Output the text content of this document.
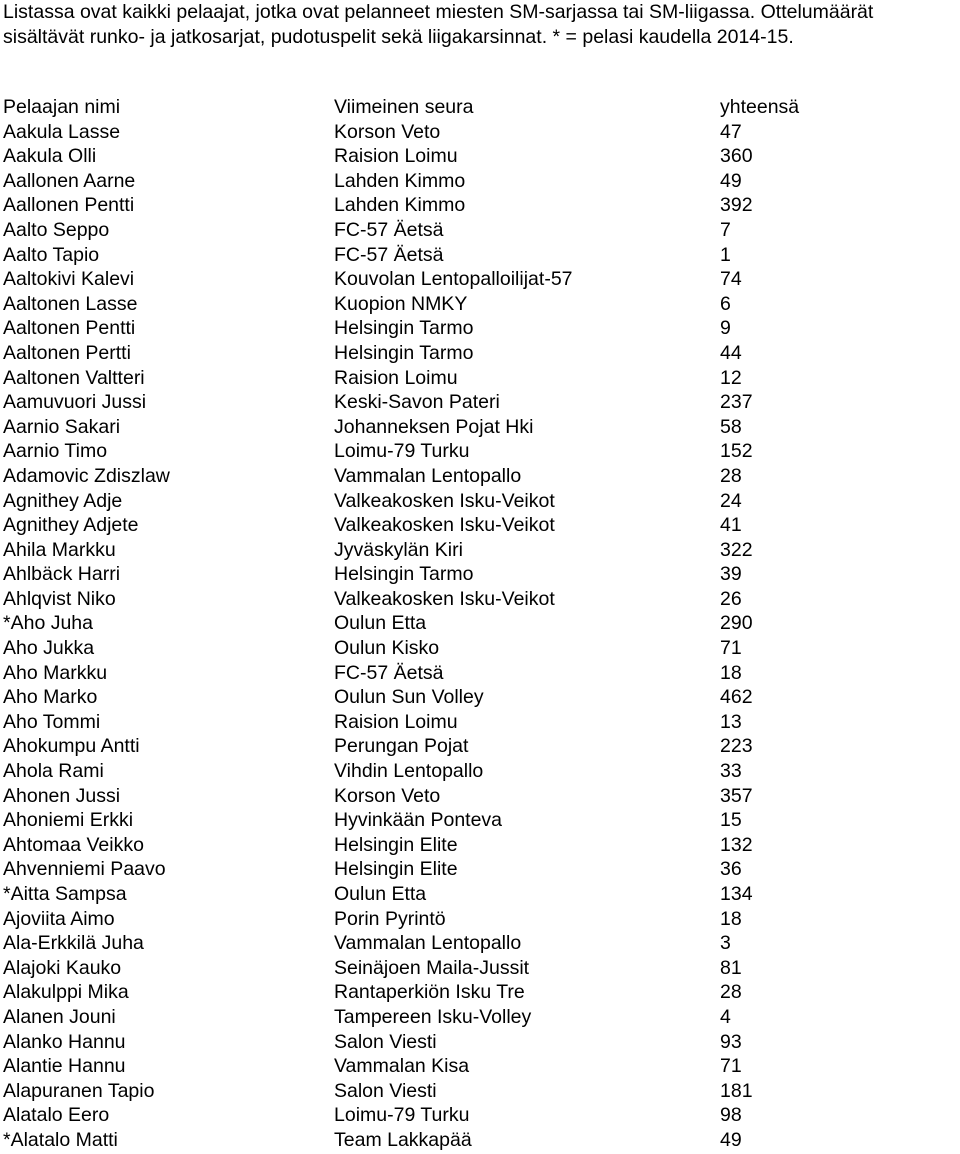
Listassa ovat kaikki pelaajat, jotka ovat pelanneet miesten SM-sarjassa tai SM-liigassa. Ottelumäärät

sisältävät runko- ja jatkosarjat, pudotuspelit sekä liigakarsinnat. * = pelasi kaudella 2014-15.

Pelaajan nimi	Viimeinen seura	yhteensä
Aakula Lasse	Korson Veto	47
Aakula Olli	Raision Loimu	360
Aallonen Aarne	Lahden Kimmo	49
Aallonen Pentti	Lahden Kimmo	392
Aalto Seppo	FC-57 Äetsä	7
Aalto Tapio	FC-57 Äetsä	1
Aaltokivi Kalevi	Kouvolan Lentopalloilijat-57	74
Aaltonen Lasse	Kuopion NMKY	6
Aaltonen Pentti	Helsingin Tarmo	9
Aaltonen Pertti	Helsingin Tarmo	44
Aaltonen Valtteri	Raision Loimu	12
Aamuvuori Jussi	Keski-Savon Pateri	237
Aarnio Sakari	Johanneksen Pojat Hki	58
Aarnio Timo	Loimu-79 Turku	152
Adamovic Zdiszlaw	Vammalan Lentopallo	28
Agnithey Adje	Valkeakosken Isku-Veikot	24
Agnithey Adjete	Valkeakosken Isku-Veikot	41
Ahila Markku	Jyväskylän Kiri	322
Ahlbäck Harri	Helsingin Tarmo	39
Ahlqvist Niko	Valkeakosken Isku-Veikot	26
*Aho Juha	Oulun Etta	290
Aho Jukka	Oulun Kisko	71
Aho Markku	FC-57 Äetsä	18
Aho Marko	Oulun Sun Volley	462
Aho Tommi	Raision Loimu	13
Ahokumpu Antti	Perungan Pojat	223
Ahola Rami	Vihdin Lentopallo	33
Ahonen Jussi	Korson Veto	357
Ahoniemi Erkki	Hyvinkään Ponteva	15
Ahtomaa Veikko	Helsingin Elite	132
Ahvenniemi Paavo	Helsingin Elite	36
*Aitta Sampsa	Oulun Etta	134
Ajoviita Aimo	Porin Pyrintö	18
Ala-Erkkilä Juha	Vammalan Lentopallo	3
Alajoki Kauko	Seinäjoen Maila-Jussit	81
Alakulppi Mika	Rantaperkiön Isku Tre	28
Alanen Jouni	Tampereen Isku-Volley	4
Alanko Hannu	Salon Viesti	93
Alantie Hannu	Vammalan Kisa	71
Alapuranen Tapio	Salon Viesti	181
Alatalo Eero	Loimu-79 Turku	98
*Alatalo Matti	Team Lakkapää	49
